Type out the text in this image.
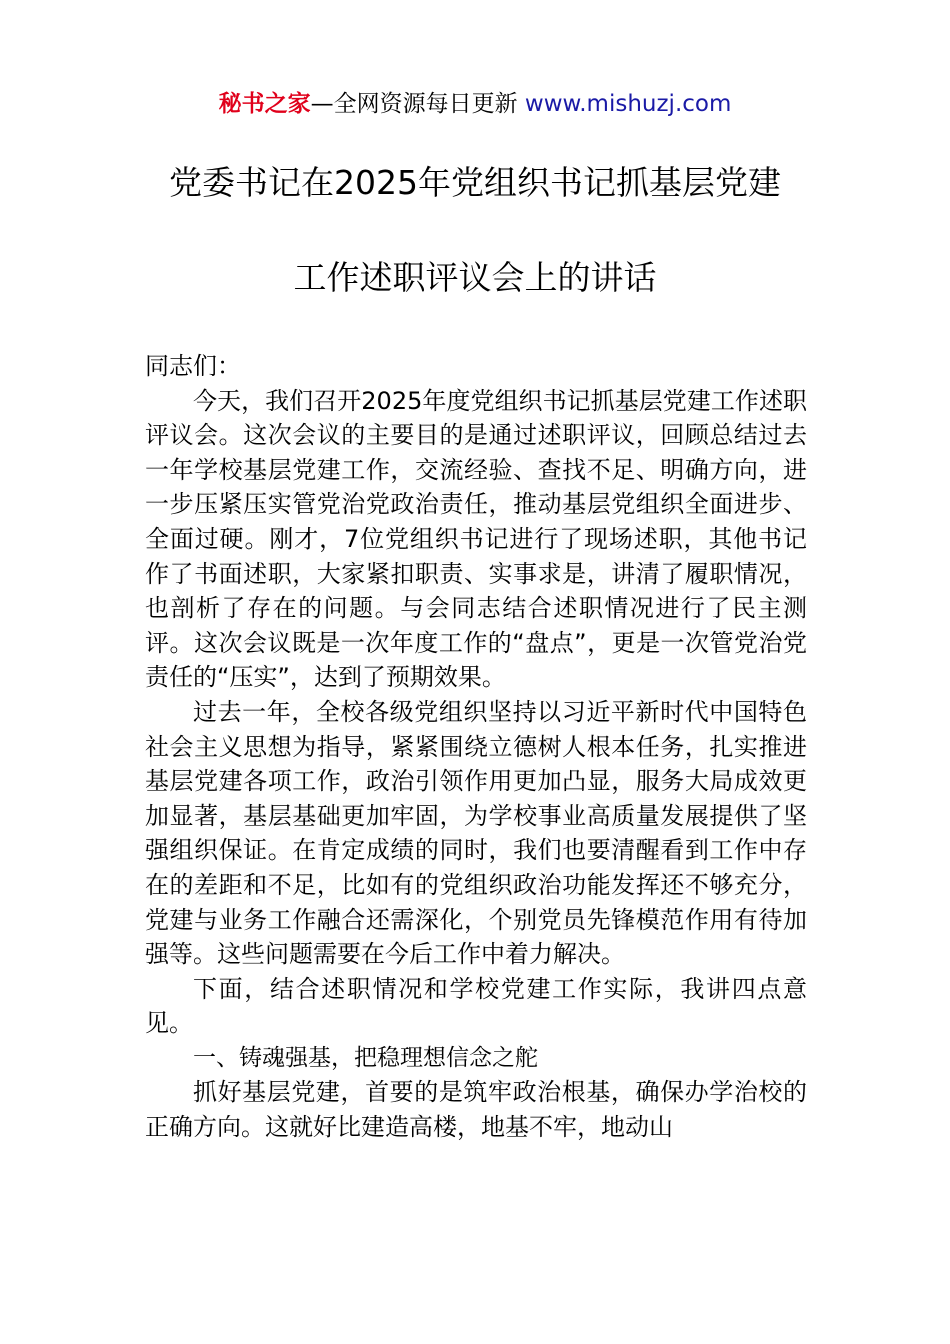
秘书之家—全网资源每日更新 www.mishuzj.com
党委书记在2025年党组织书记抓基层党建
工作述职评议会上的讲话

同志们：

今天，我们召开2025年度党组织书记抓基层党建工作述职评议会。这次会议的主要目的是通过述职评议，回顾总结过去一年学校基层党建工作，交流经验、查找不足、明确方向，进一步压紧压实管党治党政治责任，推动基层党组织全面进步、全面过硬。刚才，7位党组织书记进行了现场述职，其他书记作了书面述职，大家紧扣职责、实事求是，讲清了履职情况，也剖析了存在的问题。与会同志结合述职情况进行了民主测评。这次会议既是一次年度工作的“盘点”，更是一次管党治党责任的“压实”，达到了预期效果。

过去一年，全校各级党组织坚持以习近平新时代中国特色社会主义思想为指导，紧紧围绕立德树人根本任务，扎实推进基层党建各项工作，政治引领作用更加凸显，服务大局成效更加显著，基层基础更加牢固，为学校事业高质量发展提供了坚强组织保证。在肯定成绩的同时，我们也要清醒看到工作中存在的差距和不足，比如有的党组织政治功能发挥还不够充分，党建与业务工作融合还需深化，个别党员先锋模范作用有待加强等。这些问题需要在今后工作中着力解决。

下面，结合述职情况和学校党建工作实际，我讲四点意见。

一、铸魂强基，把稳理想信念之舵

抓好基层党建，首要的是筑牢政治根基，确保办学治校的正确方向。这就好比建造高楼，地基不牢，地动山
